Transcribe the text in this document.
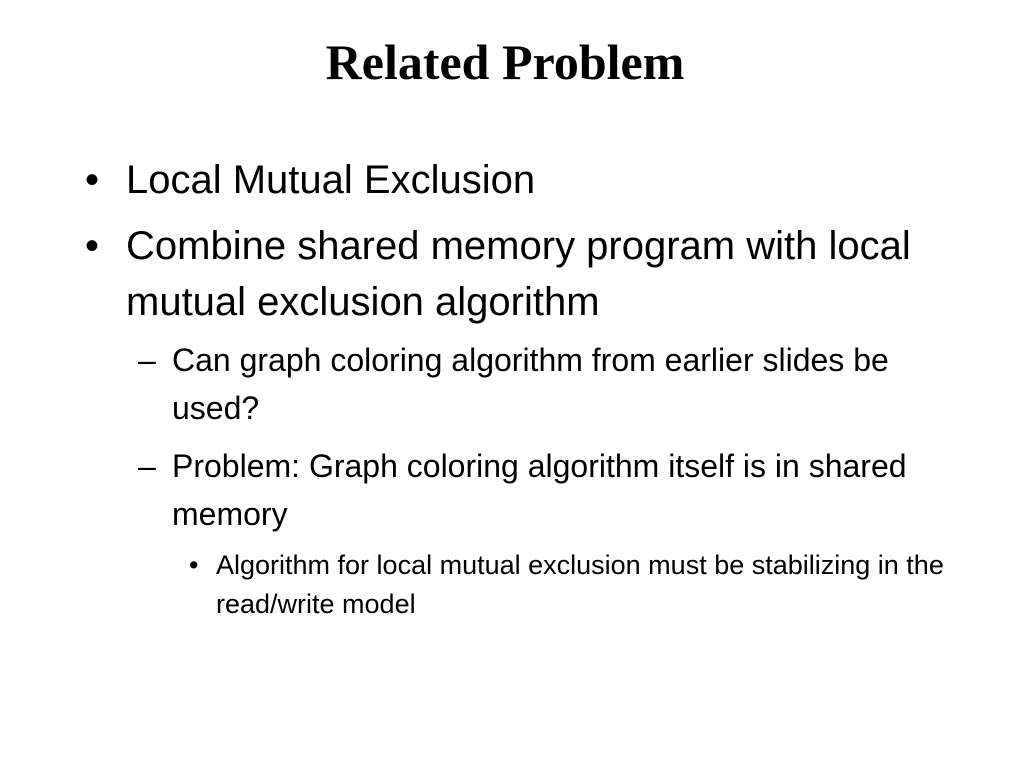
Related Problem
• Local Mutual Exclusion
• Combine shared memory program with local mutual exclusion algorithm
– Can graph coloring algorithm from earlier slides be used?
– Problem: Graph coloring algorithm itself is in shared memory
• Algorithm for local mutual exclusion must be stabilizing in the read/write model
